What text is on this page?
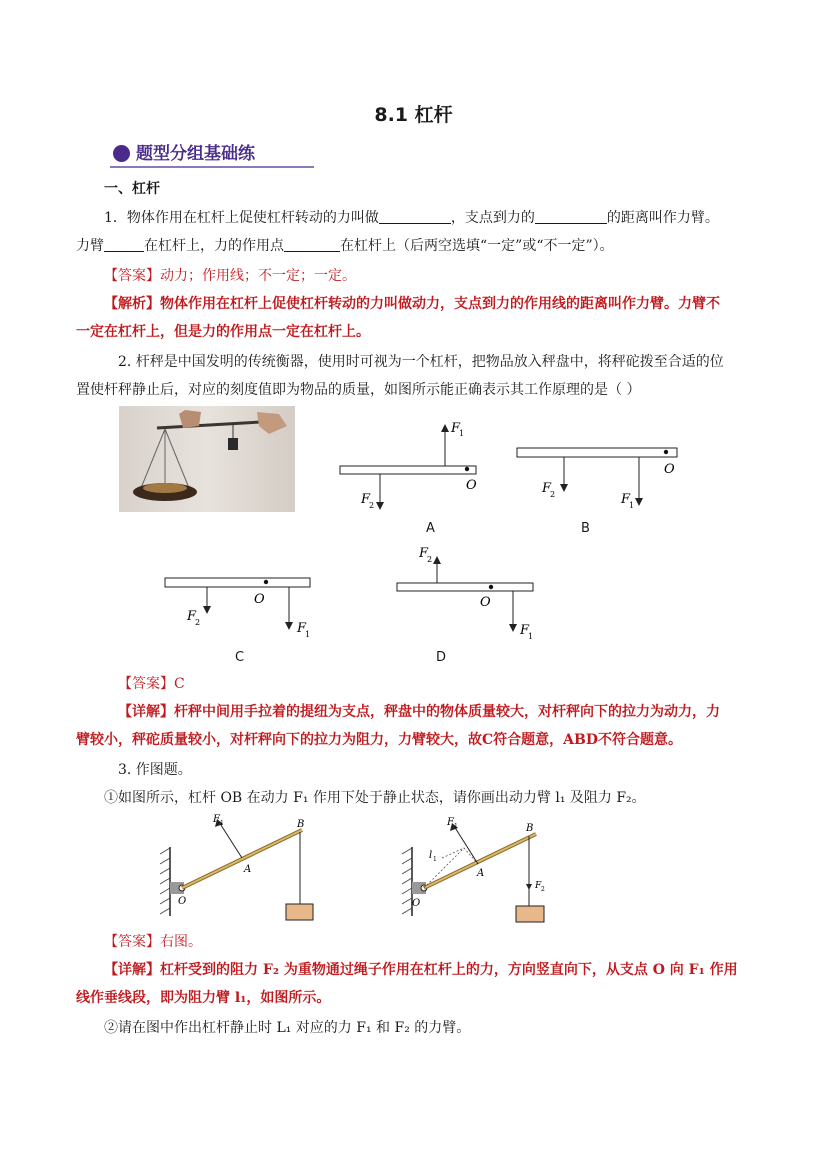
8.1 杠杆
题型分组基础练
一、杠杆
1．物体作用在杠杆上促使杠杆转动的力叫做	，支点到力的	的距离叫作力臂。
力臂	在杠杆上，力的作用点	在杠杆上（后两空选填“一定”或“不一定”）。
【答案】动力；作用线；不一定；一定。
【解析】物体作用在杠杆上促使杠杆转动的力叫做动力，支点到力的作用线的距离叫作力臂。力臂不
一定在杠杆上，但是力的作用点一定在杠杆上。
2. 杆秤是中国发明的传统衡器，使用时可视为一个杠杆，把物品放入秤盘中，将秤砣拨至合适的位
置使杆秤静止后，对应的刻度值即为物品的质量，如图所示能正确表示其工作原理的是（ ）
F
1
F
2
O
A
F
2	F
1
O
B
F
2	F
1
O
C
F
2
F
1
O
D
【答案】C
【详解】杆秤中间用手拉着的提纽为支点，秤盘中的物体质量较大，对杆秤向下的拉力为动力，力
臂较小，秤砣质量较小，对杆秤向下的拉力为阻力，力臂较大，故C符合题意，ABD不符合题意。
3. 作图题。
①如图所示，杠杆 OB 在动力 F₁ 作用下处于静止状态，请你画出动力臂 l₁ 及阻力 F₂。
F 1	B
A
O
F 1	B
A
l 1
F 2
O
【答案】右图。
【详解】杠杆受到的阻力 F₂ 为重物通过绳子作用在杠杆上的力，方向竖直向下，从支点 O 向 F₁ 作用
线作垂线段，即为阻力臂 l₁，如图所示。
②请在图中作出杠杆静止时 L₁ 对应的力 F₁ 和 F₂ 的力臂。
